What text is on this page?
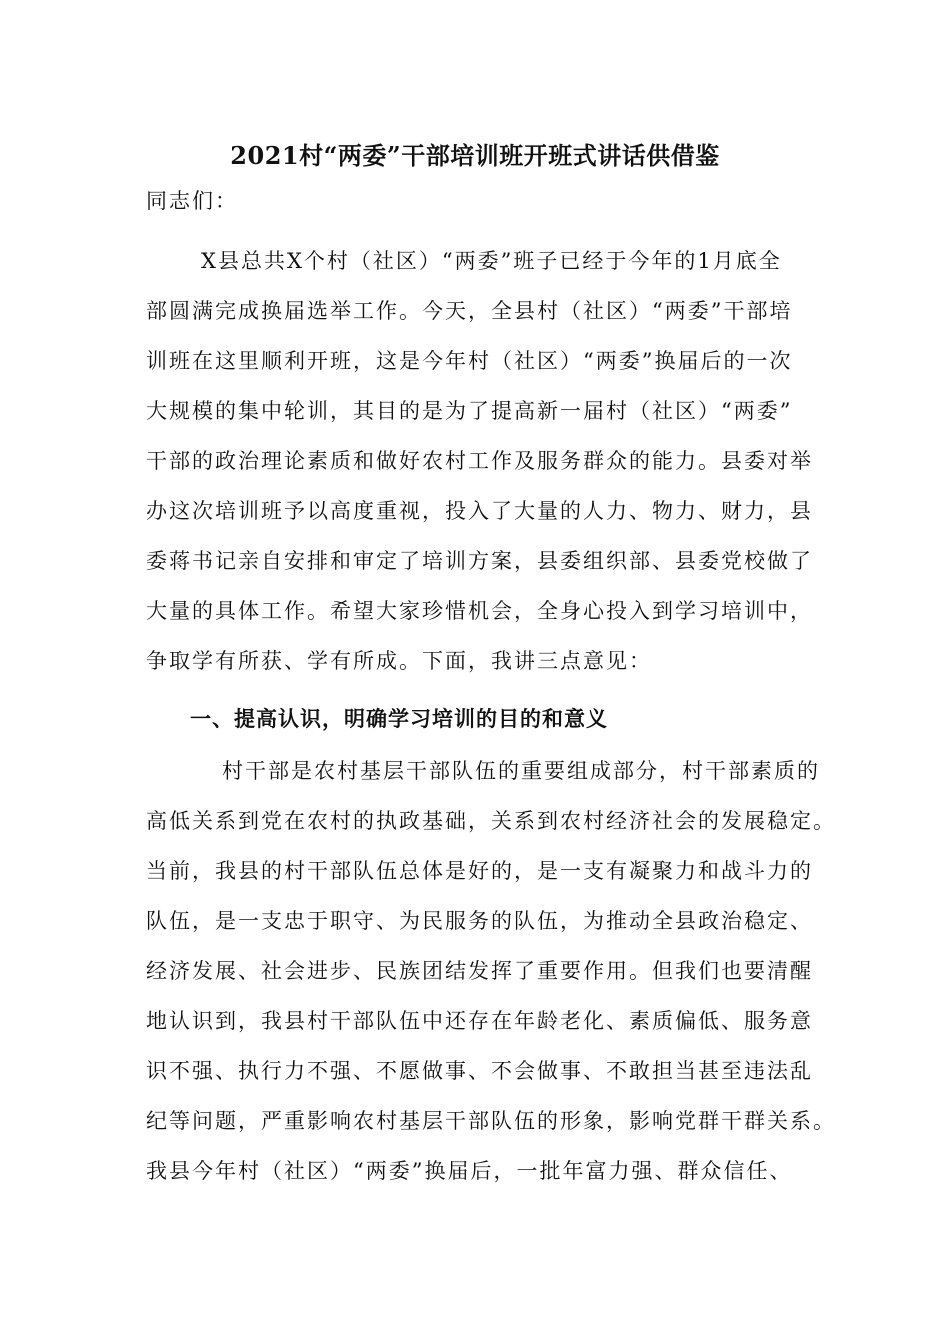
2021村“两委”干部培训班开班式讲话供借鉴
同志们：
X县总共X个村（社区）“两委”班子已经于今年的1月底全
部圆满完成换届选举工作。今天，全县村（社区）“两委”干部培
训班在这里顺利开班，这是今年村（社区）“两委”换届后的一次
大规模的集中轮训，其目的是为了提高新一届村（社区）“两委”
干部的政治理论素质和做好农村工作及服务群众的能力。县委对举
办这次培训班予以高度重视，投入了大量的人力、物力、财力，县
委蒋书记亲自安排和审定了培训方案，县委组织部、县委党校做了
大量的具体工作。希望大家珍惜机会，全身心投入到学习培训中，
争取学有所获、学有所成。下面，我讲三点意见：
一、提高认识，明确学习培训的目的和意义
村干部是农村基层干部队伍的重要组成部分，村干部素质的
高低关系到党在农村的执政基础，关系到农村经济社会的发展稳定。
当前，我县的村干部队伍总体是好的，是一支有凝聚力和战斗力的
队伍，是一支忠于职守、为民服务的队伍，为推动全县政治稳定、
经济发展、社会进步、民族团结发挥了重要作用。但我们也要清醒
地认识到，我县村干部队伍中还存在年龄老化、素质偏低、服务意
识不强、执行力不强、不愿做事、不会做事、不敢担当甚至违法乱
纪等问题，严重影响农村基层干部队伍的形象，影响党群干群关系。
我县今年村（社区）“两委”换届后，一批年富力强、群众信任、
